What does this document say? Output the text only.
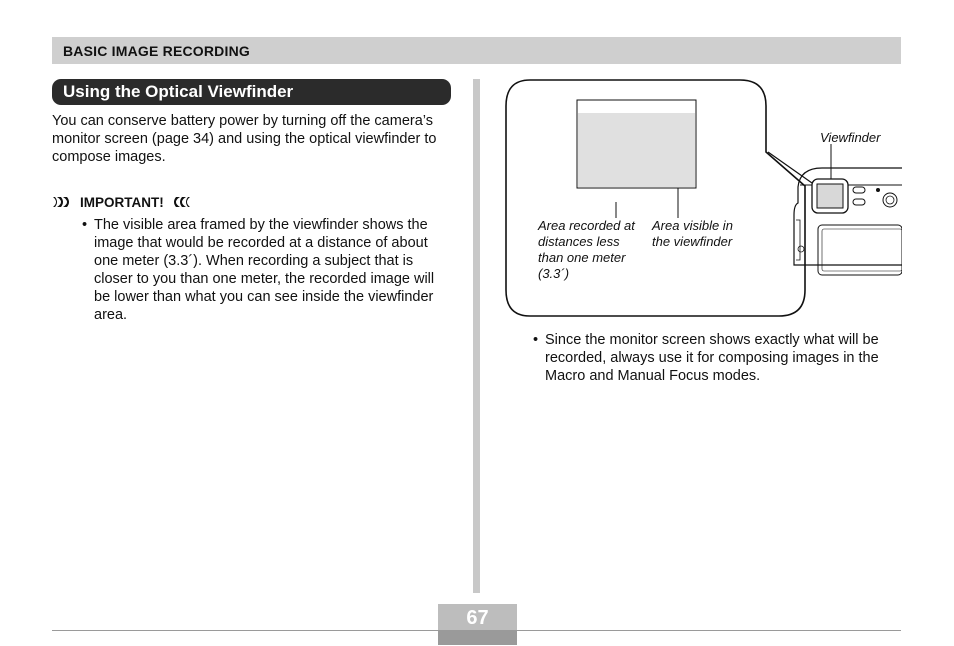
BASIC IMAGE RECORDING
Using the Optical Viewfinder
You can conserve battery power by turning off the camera’s monitor screen (page 34) and using the optical viewfinder to compose images.
IMPORTANT!
• The visible area framed by the viewfinder shows the image that would be recorded at a distance of about one meter (3.3´). When recording a subject that is closer to you than one meter, the recorded image will be lower than what you can see inside the viewfinder area.
Viewfinder
Area recorded at distances less than one meter (3.3´)
Area visible in the viewfinder
• Since the monitor screen shows exactly what will be recorded, always use it for composing images in the Macro and Manual Focus modes.
67
